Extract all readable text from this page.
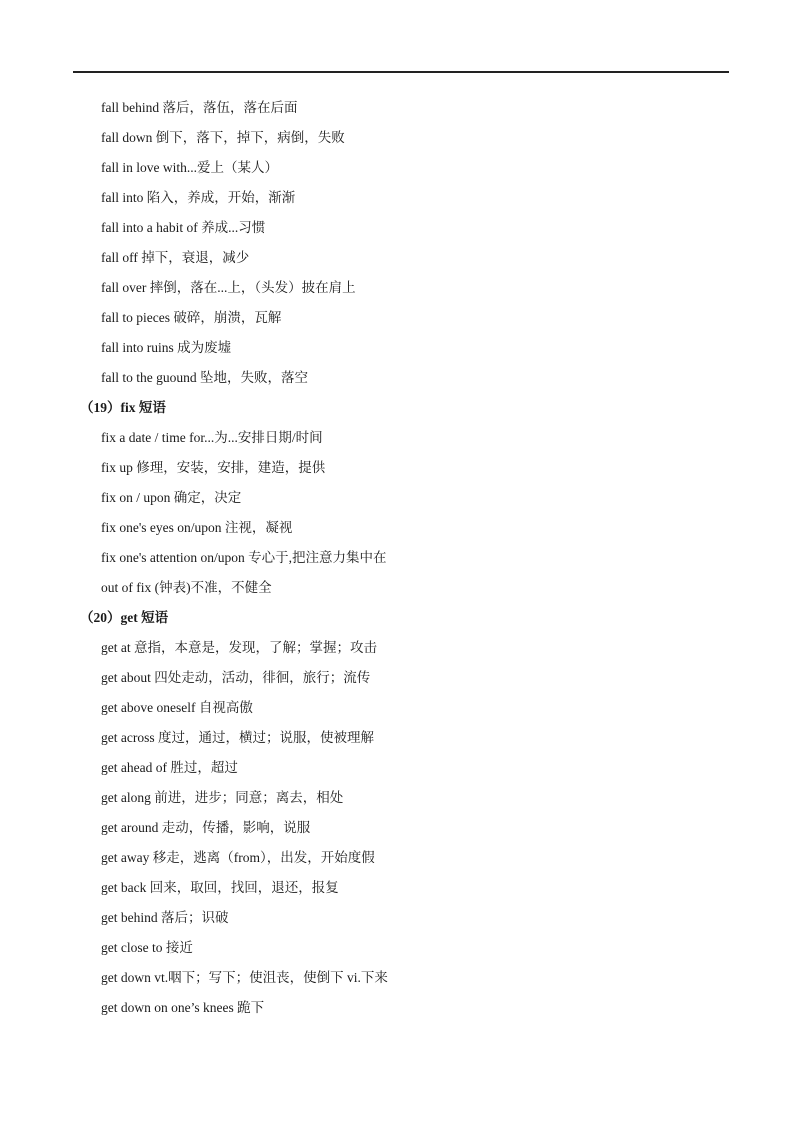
fall behind 落后，落伍，落在后面
fall down 倒下，落下，掉下，病倒，失败
fall in love with...爱上（某人）
fall into 陷入，养成，开始，渐渐
fall into a habit of 养成...习惯
fall off 掉下，衰退，减少
fall over 摔倒，落在...上，（头发）披在肩上
fall to pieces 破碎，崩溃，瓦解
fall into ruins 成为废墟
fall to the guound 坠地，失败，落空
（19）fix 短语
fix a date / time for...为...安排日期/时间
fix up 修理，安装，安排，建造，提供
fix on / upon 确定，决定
fix one's eyes on/upon 注视，凝视
fix one's attention on/upon 专心于,把注意力集中在
out of fix (钟表)不准，不健全
（20）get 短语
get at 意指，本意是，发现，了解；掌握；攻击
get about 四处走动，活动，徘徊，旅行；流传
get above oneself 自视高傲
get across 度过，通过，横过；说服，使被理解
get ahead of 胜过，超过
get along 前进，进步；同意；离去，相处
get around 走动，传播，影响，说服
get away 移走，逃离（from），出发，开始度假
get back 回来，取回，找回，退还，报复
get behind 落后；识破
get close to 接近
get down vt.咽下；写下；使沮丧，使倒下 vi.下来
get down on one’s knees 跪下
